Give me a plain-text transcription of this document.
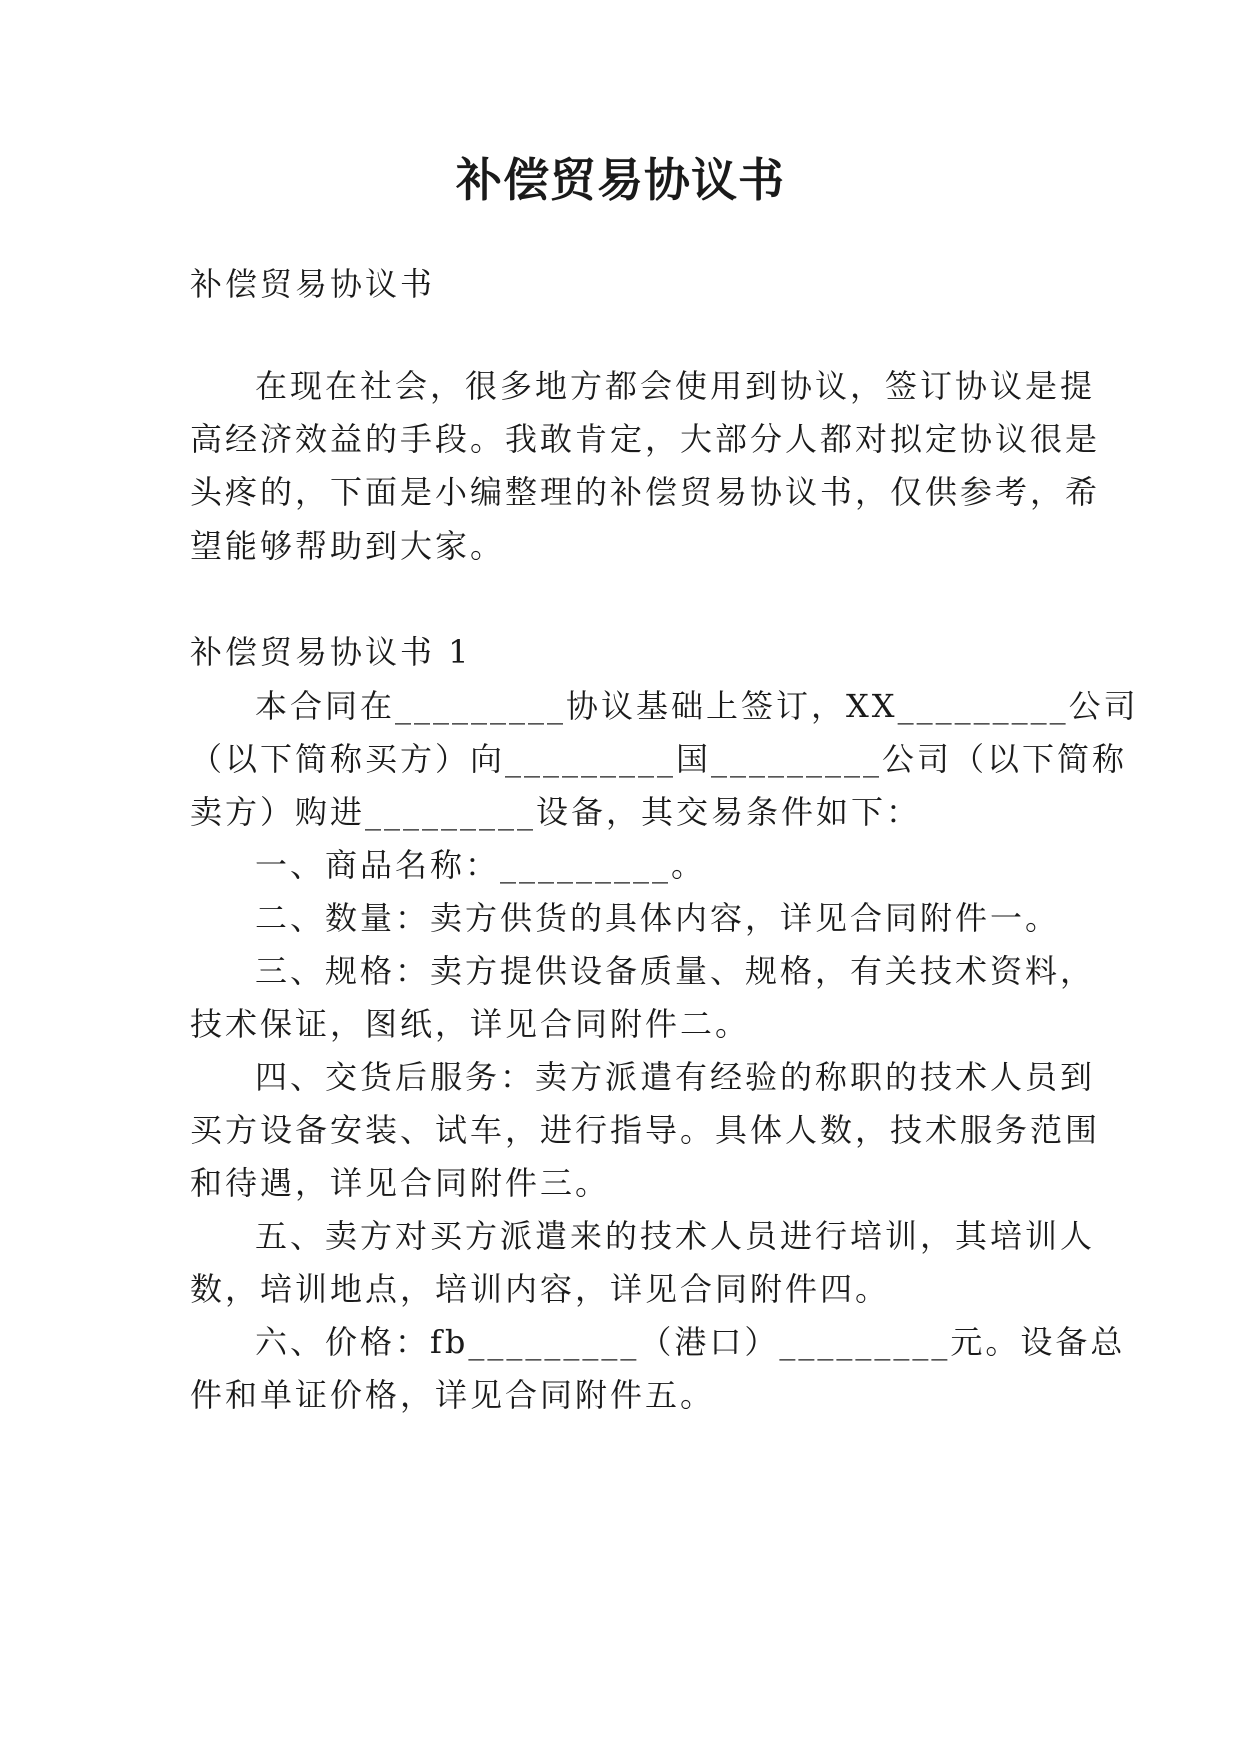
补偿贸易协议书
补偿贸易协议书
在现在社会，很多地方都会使用到协议，签订协议是提
高经济效益的手段。我敢肯定，大部分人都对拟定协议很是
头疼的，下面是小编整理的补偿贸易协议书，仅供参考，希
望能够帮助到大家。
补偿贸易协议书 1
本合同在_________协议基础上签订，XX_________公司
（以下简称买方）向_________国_________公司（以下简称
卖方）购进_________设备，其交易条件如下：
一、商品名称：_________。
二、数量：卖方供货的具体内容，详见合同附件一。
三、规格：卖方提供设备质量、规格，有关技术资料，
技术保证，图纸，详见合同附件二。
四、交货后服务：卖方派遣有经验的称职的技术人员到
买方设备安装、试车，进行指导。具体人数，技术服务范围
和待遇，详见合同附件三。
五、卖方对买方派遣来的技术人员进行培训，其培训人
数，培训地点，培训内容，详见合同附件四。
六、价格：fb_________（港口）_________元。设备总
件和单证价格，详见合同附件五。
